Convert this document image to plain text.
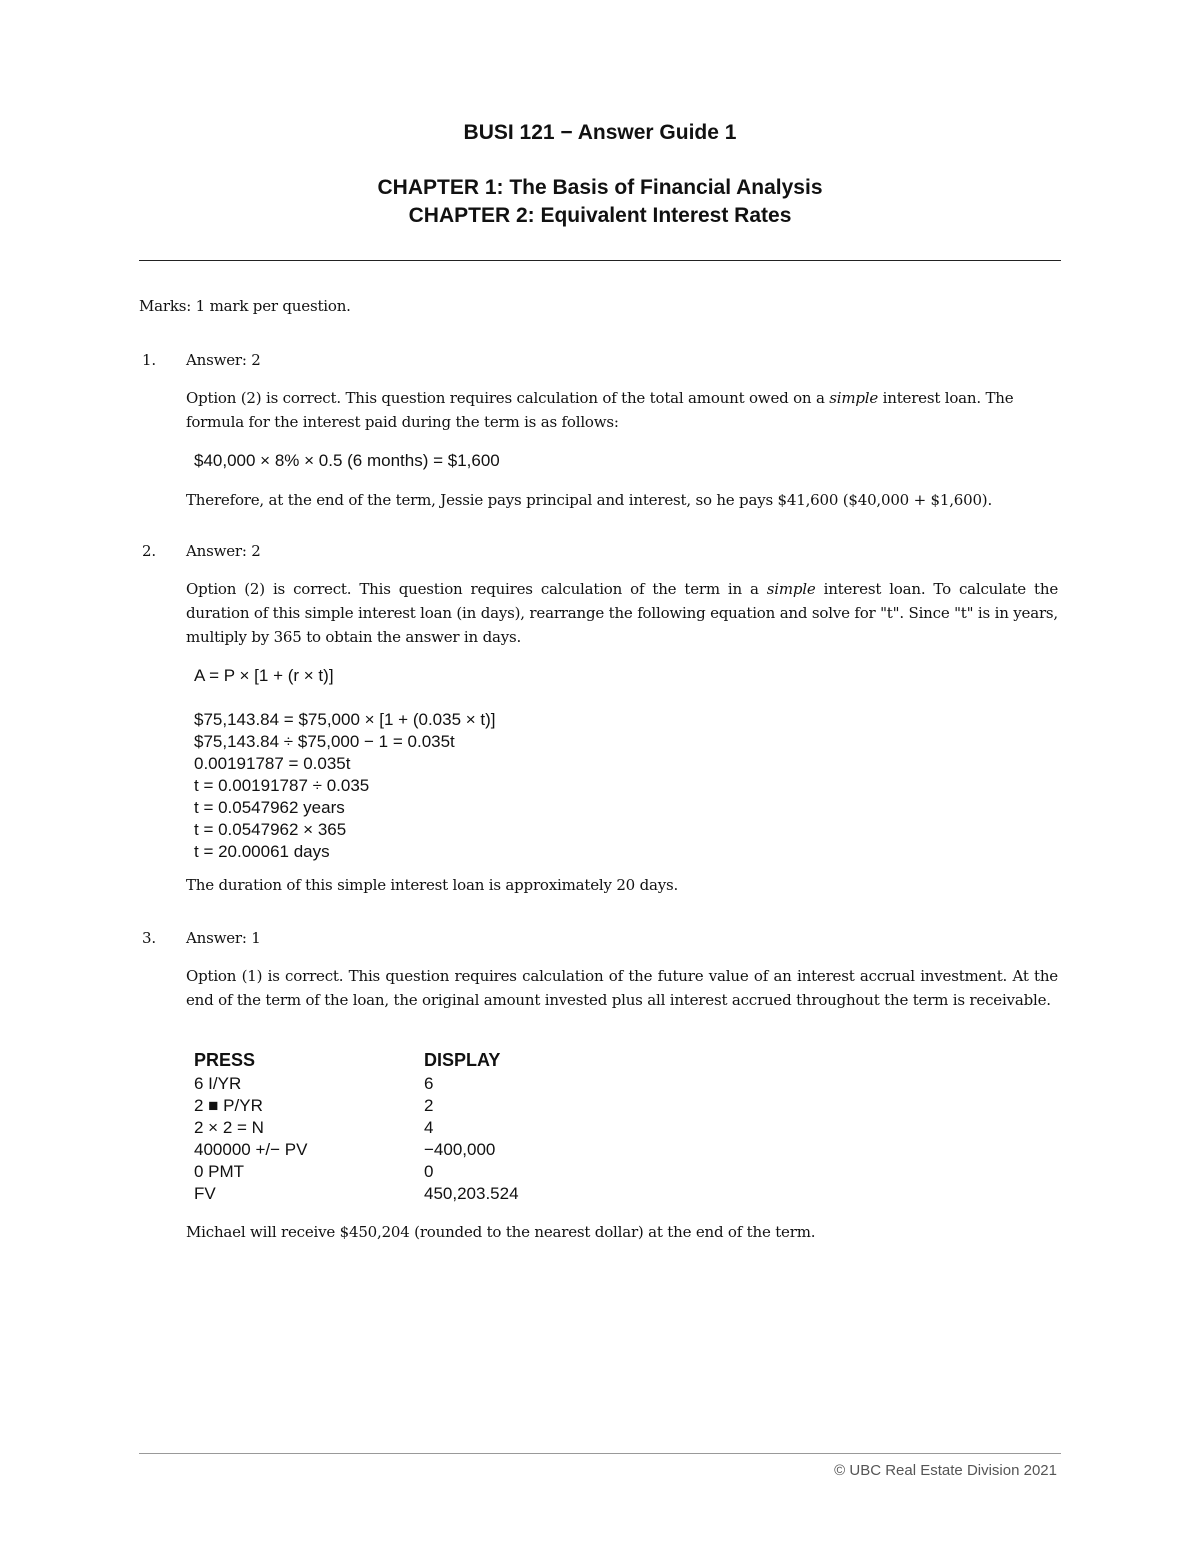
BUSI 121 − Answer Guide 1
CHAPTER 1: The Basis of Financial Analysis
CHAPTER 2: Equivalent Interest Rates

Marks: 1 mark per question.

1. Answer: 2

Option (2) is correct. This question requires calculation of the total amount owed on a simple interest loan. The formula for the interest paid during the term is as follows:

$40,000 × 8% × 0.5 (6 months) = $1,600

Therefore, at the end of the term, Jessie pays principal and interest, so he pays $41,600 ($40,000 + $1,600).

2. Answer: 2

Option (2) is correct. This question requires calculation of the term in a simple interest loan. To calculate the duration of this simple interest loan (in days), rearrange the following equation and solve for "t". Since "t" is in years, multiply by 365 to obtain the answer in days.

A = P × [1 + (r × t)]
$75,143.84 = $75,000 × [1 + (0.035 × t)]
$75,143.84 ÷ $75,000 − 1 = 0.035t
0.00191787 = 0.035t
t = 0.00191787 ÷ 0.035
t = 0.0547962 years
t = 0.0547962 × 365
t = 20.00061 days

The duration of this simple interest loan is approximately 20 days.

3. Answer: 1

Option (1) is correct. This question requires calculation of the future value of an interest accrual investment. At the end of the term of the loan, the original amount invested plus all interest accrued throughout the term is receivable.

PRESS	DISPLAY
6 I/YR	6
2 ■ P/YR	2
2 × 2 = N	4
400000 +/− PV	−400,000
0 PMT	0
FV	450,203.524

Michael will receive $450,204 (rounded to the nearest dollar) at the end of the term.

© UBC Real Estate Division 2021
